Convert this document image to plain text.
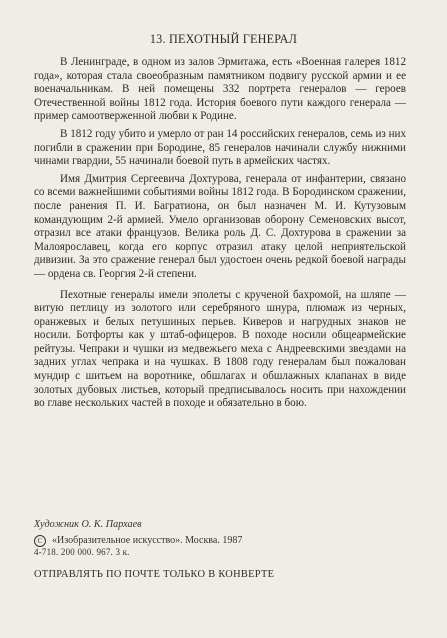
13. ПЕХОТНЫЙ ГЕНЕРАЛ

В Ленинграде, в одном из залов Эрмитажа, есть «Военная галерея 1812 года», которая стала своеобразным памятником подвигу русской армии и ее военачальникам. В ней помещены 332 портрета генералов — героев Отечественной войны 1812 года. История боевого пути каждого генерала — пример самоотверженной любви к Родине.

В 1812 году убито и умерло от ран 14 российских генералов, семь из них погибли в сражении при Бородине, 85 генералов начинали службу нижними чинами гвардии, 55 начинали боевой путь в армейских частях.

Имя Дмитрия Сергеевича Дохтурова, генерала от инфантерии, связано со всеми важнейшими событиями войны 1812 года. В Бородинском сражении, после ранения П. И. Багратиона, он был назначен М. И. Кутузовым командующим 2-й армией. Умело организовав оборону Семеновских высот, отразил все атаки французов. Велика роль Д. С. Дохтурова в сражении за Малоярославец, когда его корпус отразил атаку целой неприятельской дивизии. За это сражение генерал был удостоен очень редкой боевой награды — ордена св. Георгия 2-й степени.

Пехотные генералы имели эполеты с крученой бахромой, на шляпе — витую петлицу из золотого или серебряного шнура, плюмаж из черных, оранжевых и белых петушиных перьев. Киверов и нагрудных знаков не носили. Ботфорты как у штаб-офицеров. В походе носили общеармейские рейтузы. Чепраки и чушки из медвежьего меха с Андреевскими звездами на задних углах чепрака и на чушках. В 1808 году генералам был пожалован мундир с шитьем на воротнике, обшлагах и обшлажных клапанах в виде золотых дубовых листьев, который предписывалось носить при нахождении во главе нескольких частей в походе и обязательно в бою.

Художник О. К. Пархаев
C «Изобразительное искусство». Москва. 1987
4-718. 200 000. 967. 3 к.
ОТПРАВЛЯТЬ ПО ПОЧТЕ ТОЛЬКО В КОНВЕРТЕ
